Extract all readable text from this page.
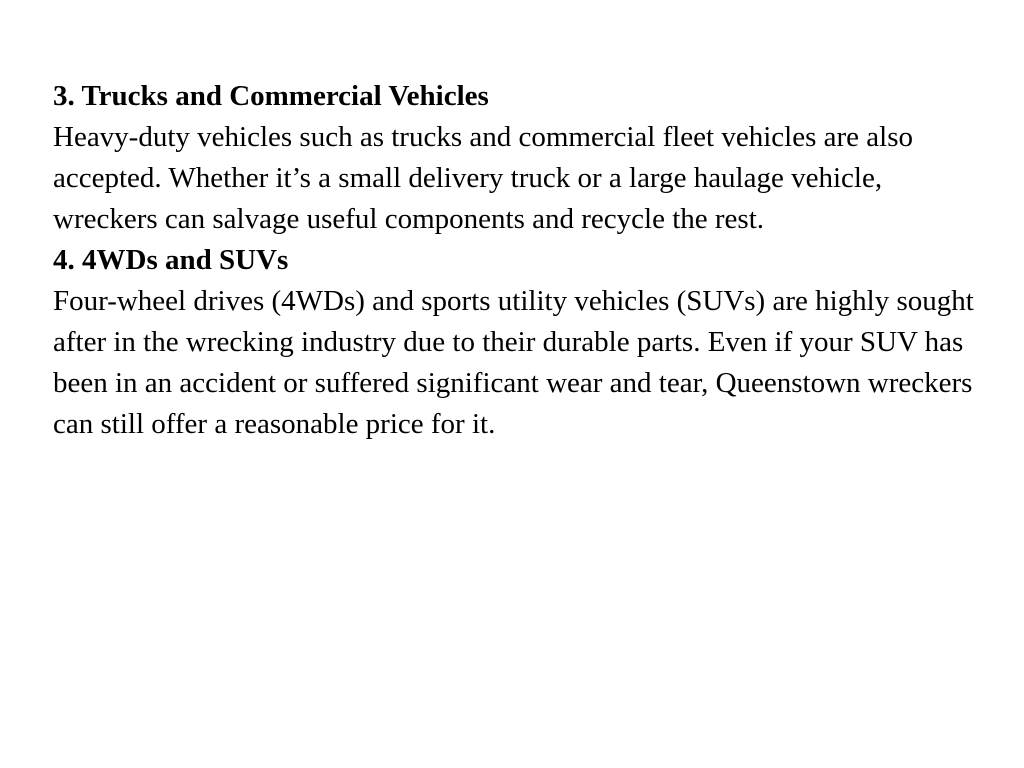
3. Trucks and Commercial Vehicles

Heavy-duty vehicles such as trucks and commercial fleet vehicles are also accepted. Whether it’s a small delivery truck or a large haulage vehicle, wreckers can salvage useful components and recycle the rest.

4. 4WDs and SUVs

Four-wheel drives (4WDs) and sports utility vehicles (SUVs) are highly sought after in the wrecking industry due to their durable parts. Even if your SUV has been in an accident or suffered significant wear and tear, Queenstown wreckers can still offer a reasonable price for it.
